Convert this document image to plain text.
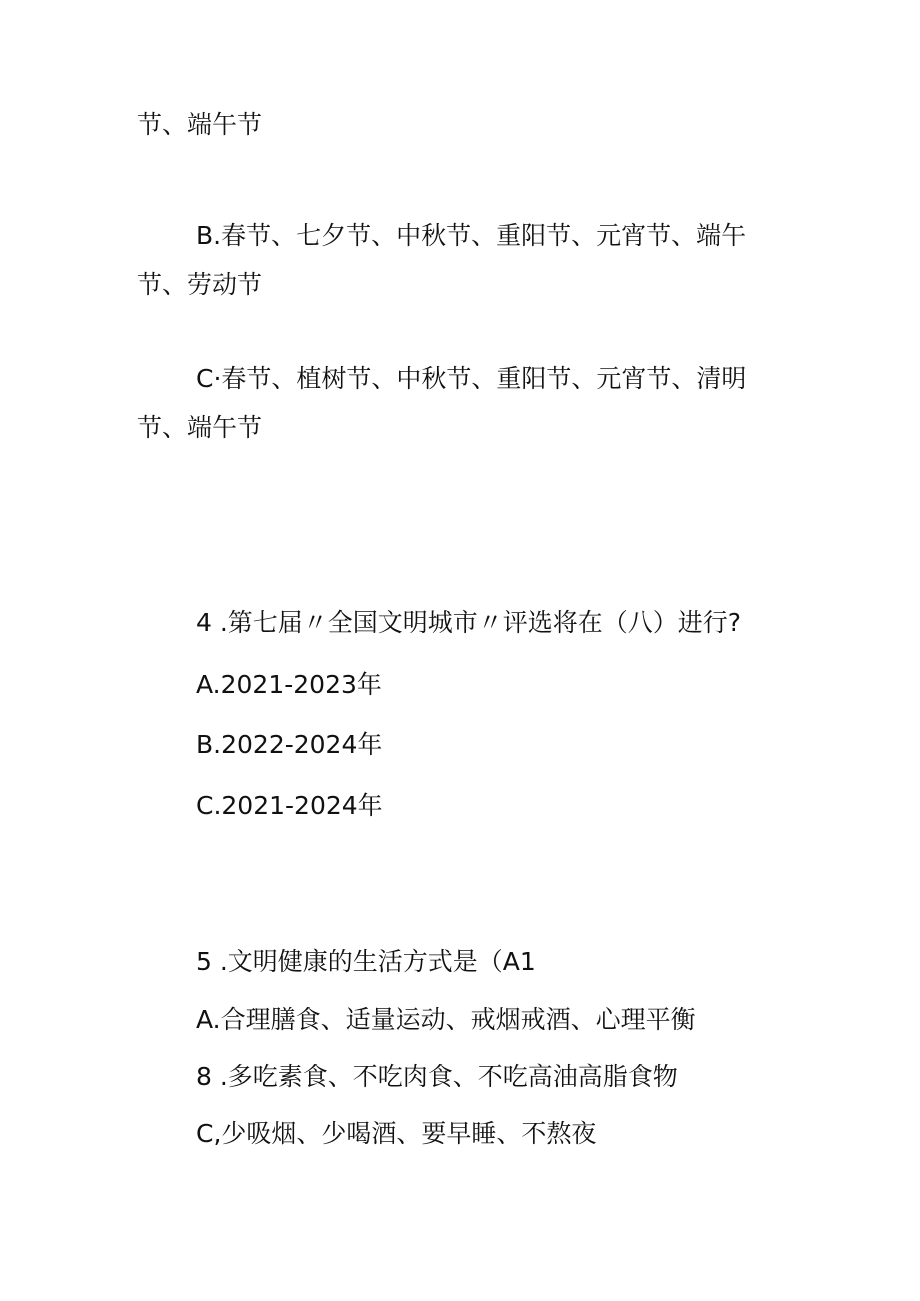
节、端午节
B.春节、七夕节、中秋节、重阳节、元宵节、端午
节、劳动节
C·春节、植树节、中秋节、重阳节、元宵节、清明
节、端午节
4 .第七届〃全国文明城市〃评选将在（八）进行?
A.2021-2023年
B.2022-2024年
C.2021-2024年
5 .文明健康的生活方式是（A1
A.合理膳食、适量运动、戒烟戒酒、心理平衡
8 .多吃素食、不吃肉食、不吃高油高脂食物
C,少吸烟、少喝酒、要早睡、不熬夜
